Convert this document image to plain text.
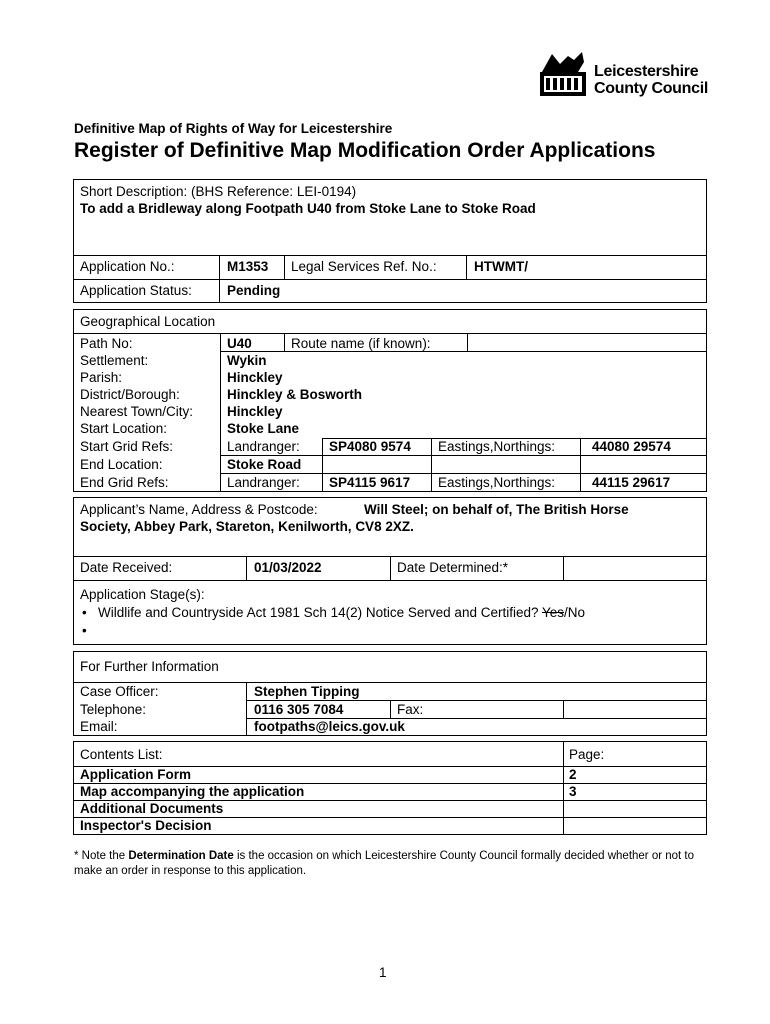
Leicestershire
County Council
Definitive Map of Rights of Way for Leicestershire
Register of Definitive Map Modification Order Applications
Short Description: (BHS Reference: LEI-0194)
To add a Bridleway along Footpath U40 from Stoke Lane to Stoke Road
Application No.:	M1353 Legal Services Ref. No.:	HTWMT/
Application Status:	Pending
Geographical Location
Path No:	U40	Route name (if known):
Settlement:	Wykin
Parish:	Hinckley
District/Borough:	Hinckley & Bosworth
Nearest Town/City:	Hinckley
Start Location:	Stoke Lane
Start Grid Refs:	Landranger: SP4080 9574 Eastings,Northings:	44080 29574
End Location:	Stoke Road
End Grid Refs:	Landranger: SP4115 9617 Eastings,Northings:	44115 29617
Applicant’s Name, Address & Postcode:	Will Steel; on behalf of, The British Horse
Society, Abbey Park, Stareton, Kenilworth, CV8 2XZ.
Date Received:	01/03/2022	Date Determined:*
Application Stage(s):
• Wildlife and Countryside Act 1981 Sch 14(2) Notice Served and Certified? Yes/No
•
For Further Information
Case Officer:	Stephen Tipping
Telephone:	0116 305 7084	Fax:
Email:	footpaths@leics.gov.uk
Contents List:	Page:
Application Form	2
Map accompanying the application	3
Additional Documents
Inspector's Decision
* Note the Determination Date is the occasion on which Leicestershire County Council formally decided whether or not to make an order in response to this application.
1
